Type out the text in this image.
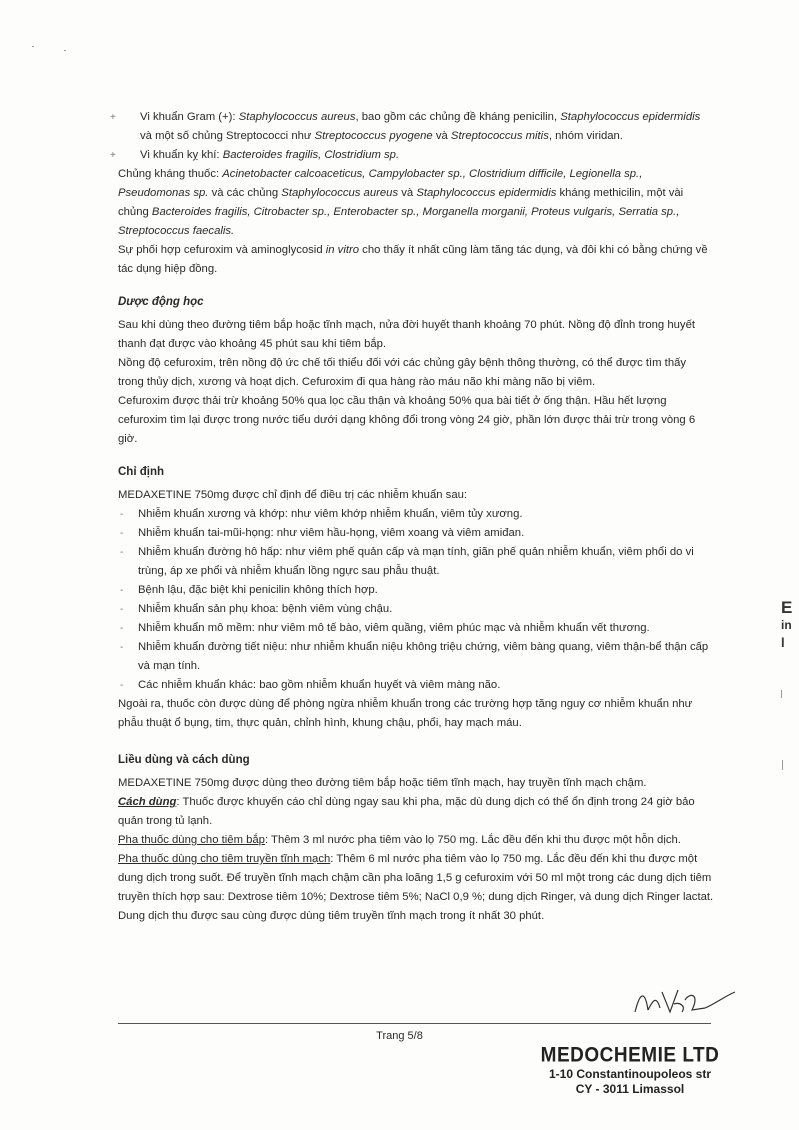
+ Vi khuẩn Gram (+): Staphylococcus aureus, bao gồm các chủng đề kháng penicilin, Staphylococcus epidermidis và một số chủng Streptococci như Streptococcus pyogene và Streptococcus mitis, nhóm viridan.
+ Vi khuẩn kỵ khí: Bacteroides fragilis, Clostridium sp.

Chủng kháng thuốc: Acinetobacter calcoaceticus, Campylobacter sp., Clostridium difficile, Legionella sp., Pseudomonas sp. và các chủng Staphylococcus aureus và Staphylococcus epidermidis kháng methicilin, một vài chủng Bacteroides fragilis, Citrobacter sp., Enterobacter sp., Morganella morganii, Proteus vulgaris, Serratia sp., Streptococcus faecalis.

Sự phối hợp cefuroxim và aminoglycosid in vitro cho thấy ít nhất cũng làm tăng tác dụng, và đôi khi có bằng chứng về tác dụng hiệp đồng.

Dược động học

Sau khi dùng theo đường tiêm bắp hoặc tĩnh mạch, nửa đời huyết thanh khoảng 70 phút. Nồng độ đỉnh trong huyết thanh đạt được vào khoảng 45 phút sau khi tiêm bắp.

Nồng độ cefuroxim, trên nồng độ ức chế tối thiểu đối với các chủng gây bệnh thông thường, có thể được tìm thấy trong thủy dịch, xương và hoạt dịch. Cefuroxim đi qua hàng rào máu não khi màng não bị viêm.

Cefuroxim được thải trừ khoảng 50% qua lọc cầu thận và khoảng 50% qua bài tiết ở ống thận. Hầu hết lượng cefuroxim tìm lại được trong nước tiểu dưới dạng không đổi trong vòng 24 giờ, phần lớn được thải trừ trong vòng 6 giờ.

Chỉ định

MEDAXETINE 750mg được chỉ định để điều trị các nhiễm khuẩn sau:

- Nhiễm khuẩn xương và khớp: như viêm khớp nhiễm khuẩn, viêm tủy xương.
- Nhiễm khuẩn tai-mũi-họng: như viêm hầu-họng, viêm xoang và viêm amiđan.
- Nhiễm khuẩn đường hô hấp: như viêm phế quản cấp và mạn tính, giãn phế quản nhiễm khuẩn, viêm phổi do vi trùng, áp xe phổi và nhiễm khuẩn lồng ngực sau phẫu thuật.
- Bệnh lậu, đặc biệt khi penicilin không thích hợp.
- Nhiễm khuẩn sản phụ khoa: bệnh viêm vùng chậu.
- Nhiễm khuẩn mô mềm: như viêm mô tế bào, viêm quầng, viêm phúc mạc và nhiễm khuẩn vết thương.
- Nhiễm khuẩn đường tiết niệu: như nhiễm khuẩn niệu không triệu chứng, viêm bàng quang, viêm thận-bể thận cấp và mạn tính.
- Các nhiễm khuẩn khác: bao gồm nhiễm khuẩn huyết và viêm màng não.

Ngoài ra, thuốc còn được dùng để phòng ngừa nhiễm khuẩn trong các trường hợp tăng nguy cơ nhiễm khuẩn như phẫu thuật ổ bụng, tim, thực quản, chỉnh hình, khung chậu, phổi, hay mạch máu.

Liều dùng và cách dùng

MEDAXETINE 750mg được dùng theo đường tiêm bắp hoặc tiêm tĩnh mạch, hay truyền tĩnh mạch chậm.

Cách dùng: Thuốc được khuyến cáo chỉ dùng ngay sau khi pha, mặc dù dung dịch có thể ổn định trong 24 giờ bảo quản trong tủ lạnh.

Pha thuốc dùng cho tiêm bắp: Thêm 3 ml nước pha tiêm vào lọ 750 mg. Lắc đều đến khi thu được một hỗn dịch.

Pha thuốc dùng cho tiêm truyền tĩnh mạch: Thêm 6 ml nước pha tiêm vào lọ 750 mg. Lắc đều đến khi thu được một dung dịch trong suốt. Để truyền tĩnh mạch chậm cần pha loãng 1,5 g cefuroxim với 50 ml một trong các dung dịch tiêm truyền thích hợp sau: Dextrose tiêm 10%; Dextrose tiêm 5%; NaCl 0,9 %; dung dịch Ringer, và dung dịch Ringer lactat. Dung dịch thu được sau cùng được dùng tiêm truyền tĩnh mạch trong ít nhất 30 phút.

Trang 5/8
MEDOCHEMIE LTD
1-10 Constantinoupoleos str
CY - 3011 Limassol
E
in
l
